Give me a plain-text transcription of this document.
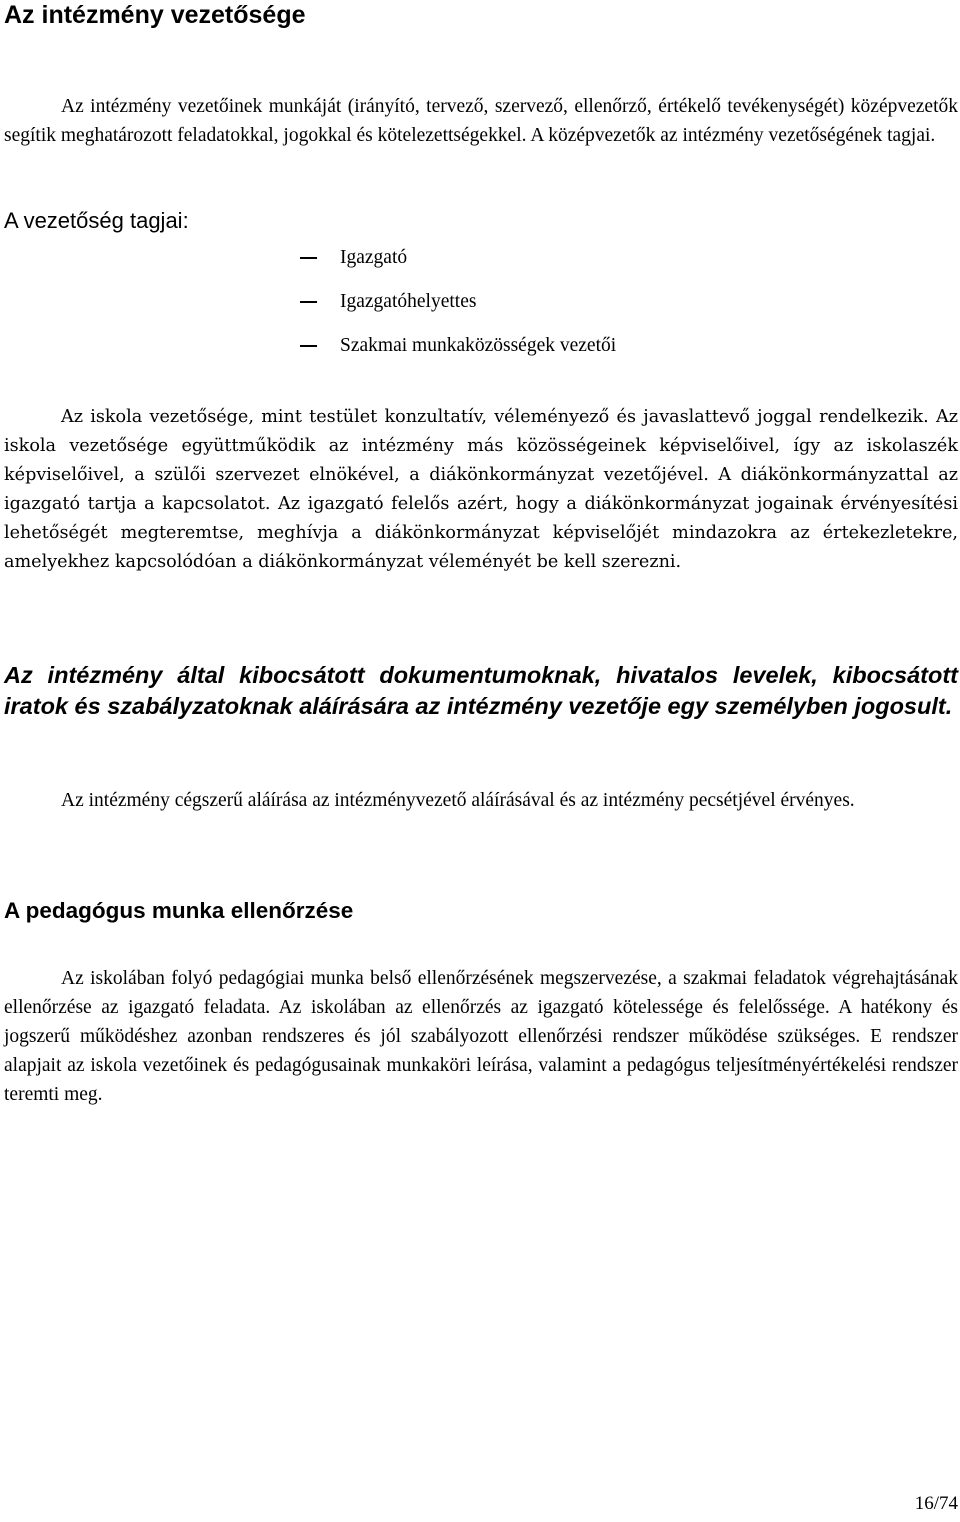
Az intézmény vezetősége

Az intézmény vezetőinek munkáját (irányító, tervező, szervező, ellenőrző, értékelő tevékenységét) középvezetők segítik meghatározott feladatokkal, jogokkal és kötelezettségekkel. A középvezetők az intézmény vezetőségének tagjai.

A vezetőség tagjai:

Igazgató
Igazgatóhelyettes
Szakmai munkaközösségek vezetői

Az iskola vezetősége, mint testület konzultatív, véleményező és javaslattevő joggal rendelkezik. Az iskola vezetősége együttműködik az intézmény más közösségeinek képviselőivel, így az iskolaszék képviselőivel, a szülői szervezet elnökével, a diákönkormányzat vezetőjével. A diákönkormányzattal az igazgató tartja a kapcsolatot. Az igazgató felelős azért, hogy a diákönkormányzat jogainak érvényesítési lehetőségét megteremtse, meghívja a diákönkormányzat képviselőjét mindazokra az értekezletekre, amelyekhez kapcsolódóan a diákönkormányzat véleményét be kell szerezni.

Az intézmény által kibocsátott dokumentumoknak, hivatalos levelek, kibocsátott iratok és szabályzatoknak aláírására az intézmény vezetője egy személyben jogosult.

Az intézmény cégszerű aláírása az intézményvezető aláírásával és az intézmény pecsétjével érvényes.

A pedagógus munka ellenőrzése

Az iskolában folyó pedagógiai munka belső ellenőrzésének megszervezése, a szakmai feladatok végrehajtásának ellenőrzése az igazgató feladata. Az iskolában az ellenőrzés az igazgató kötelessége és felelőssége. A hatékony és jogszerű működéshez azonban rendszeres és jól szabályozott ellenőrzési rendszer működése szükséges. E rendszer alapjait az iskola vezetőinek és pedagógusainak munkaköri leírása, valamint a pedagógus teljesítményértékelési rendszer teremti meg.

16/74
